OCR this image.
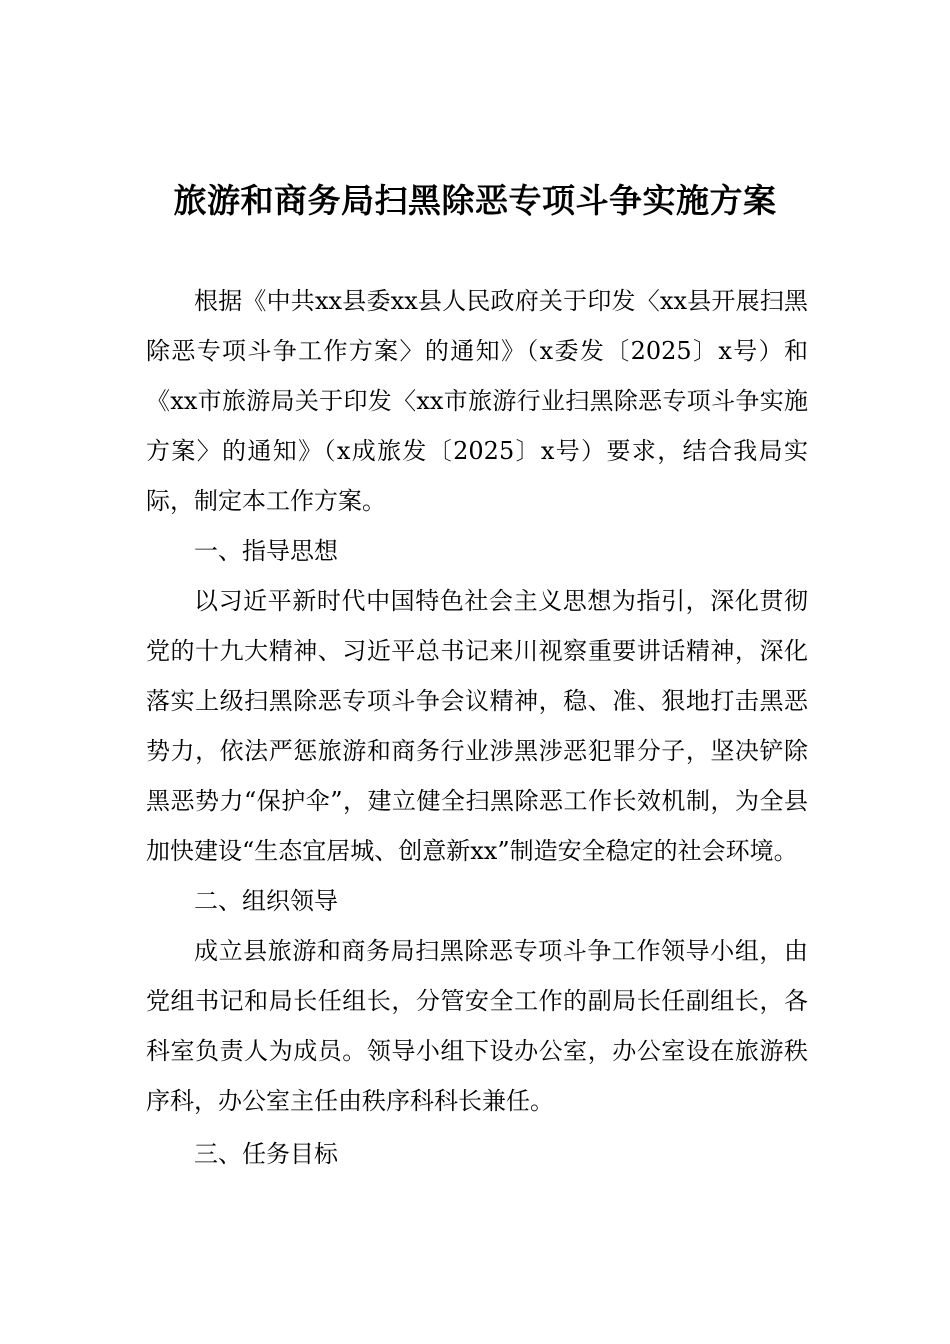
旅游和商务局扫黑除恶专项斗争实施方案

根据《中共xx县委xx县人民政府关于印发〈xx县开展扫黑除恶专项斗争工作方案〉的通知》（x委发〔2025〕x号）和《xx市旅游局关于印发〈xx市旅游行业扫黑除恶专项斗争实施方案〉的通知》（x成旅发〔2025〕x号）要求，结合我局实际，制定本工作方案。

一、指导思想

以习近平新时代中国特色社会主义思想为指引，深化贯彻党的十九大精神、习近平总书记来川视察重要讲话精神，深化落实上级扫黑除恶专项斗争会议精神，稳、准、狠地打击黑恶势力，依法严惩旅游和商务行业涉黑涉恶犯罪分子，坚决铲除黑恶势力“保护伞”，建立健全扫黑除恶工作长效机制，为全县加快建设“生态宜居城、创意新xx”制造安全稳定的社会环境。

二、组织领导

成立县旅游和商务局扫黑除恶专项斗争工作领导小组，由党组书记和局长任组长，分管安全工作的副局长任副组长，各科室负责人为成员。领导小组下设办公室，办公室设在旅游秩序科，办公室主任由秩序科科长兼任。

三、任务目标
